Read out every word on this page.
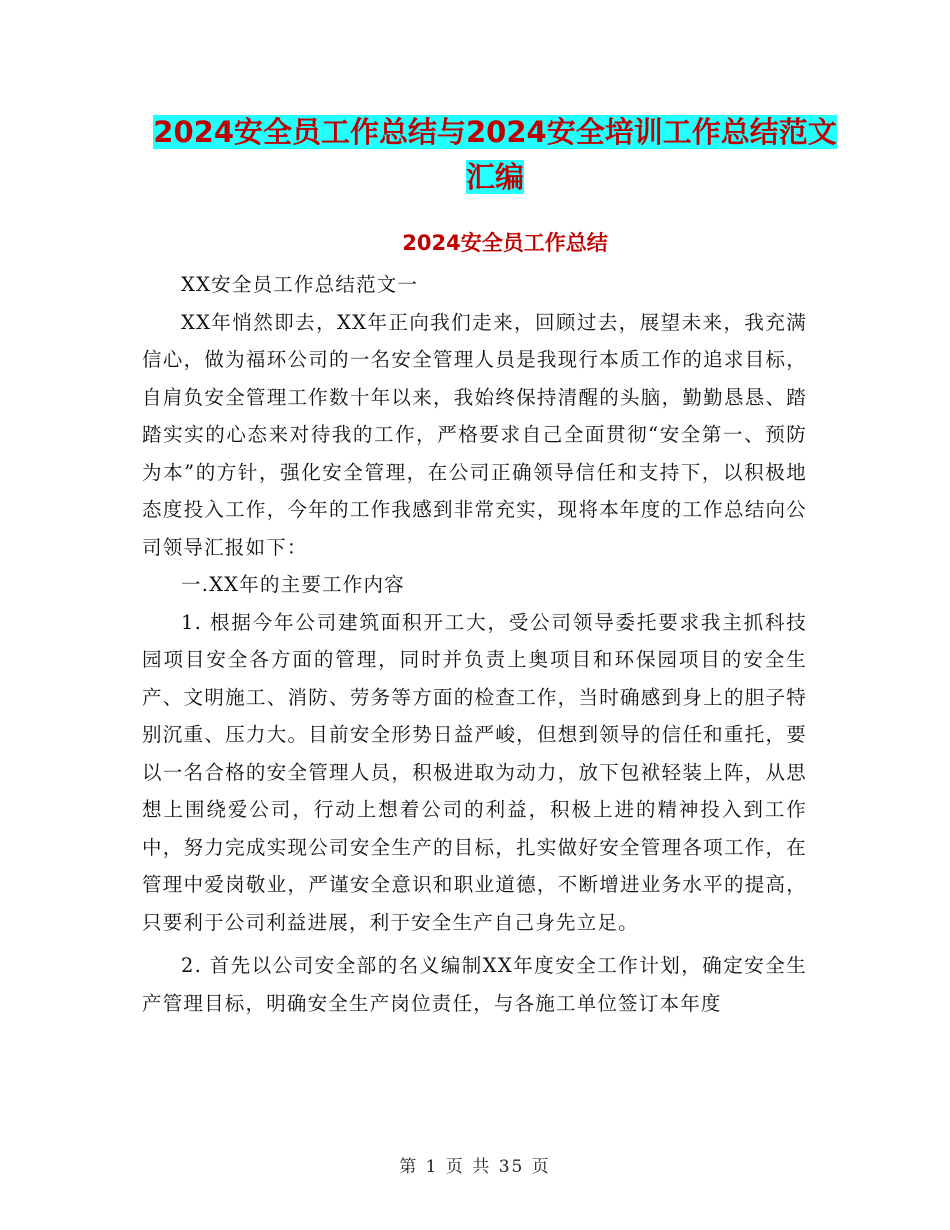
2024安全员工作总结与2024安全培训工作总结范文汇编
2024安全员工作总结

XX安全员工作总结范文一

XX年悄然即去，XX年正向我们走来，回顾过去，展望未来，我充满信心，做为福环公司的一名安全管理人员是我现行本质工作的追求目标，自肩负安全管理工作数十年以来，我始终保持清醒的头脑，勤勤恳恳、踏踏实实的心态来对待我的工作，严格要求自己全面贯彻“安全第一、预防为本”的方针，强化安全管理，在公司正确领导信任和支持下，以积极地态度投入工作，今年的工作我感到非常充实，现将本年度的工作总结向公司领导汇报如下：

一.XX年的主要工作内容

1. 根据今年公司建筑面积开工大，受公司领导委托要求我主抓科技园项目安全各方面的管理，同时并负责上奥项目和环保园项目的安全生产、文明施工、消防、劳务等方面的检查工作，当时确感到身上的胆子特别沉重、压力大。目前安全形势日益严峻，但想到领导的信任和重托，要以一名合格的安全管理人员，积极进取为动力，放下包袱轻装上阵，从思想上围绕爱公司，行动上想着公司的利益，积极上进的精神投入到工作中，努力完成实现公司安全生产的目标，扎实做好安全管理各项工作，在管理中爱岗敬业，严谨安全意识和职业道德，不断增进业务水平的提高，只要利于公司利益进展，利于安全生产自己身先立足。

2. 首先以公司安全部的名义编制XX年度安全工作计划，确定安全生产管理目标，明确安全生产岗位责任，与各施工单位签订本年度

第 1 页 共 35 页
